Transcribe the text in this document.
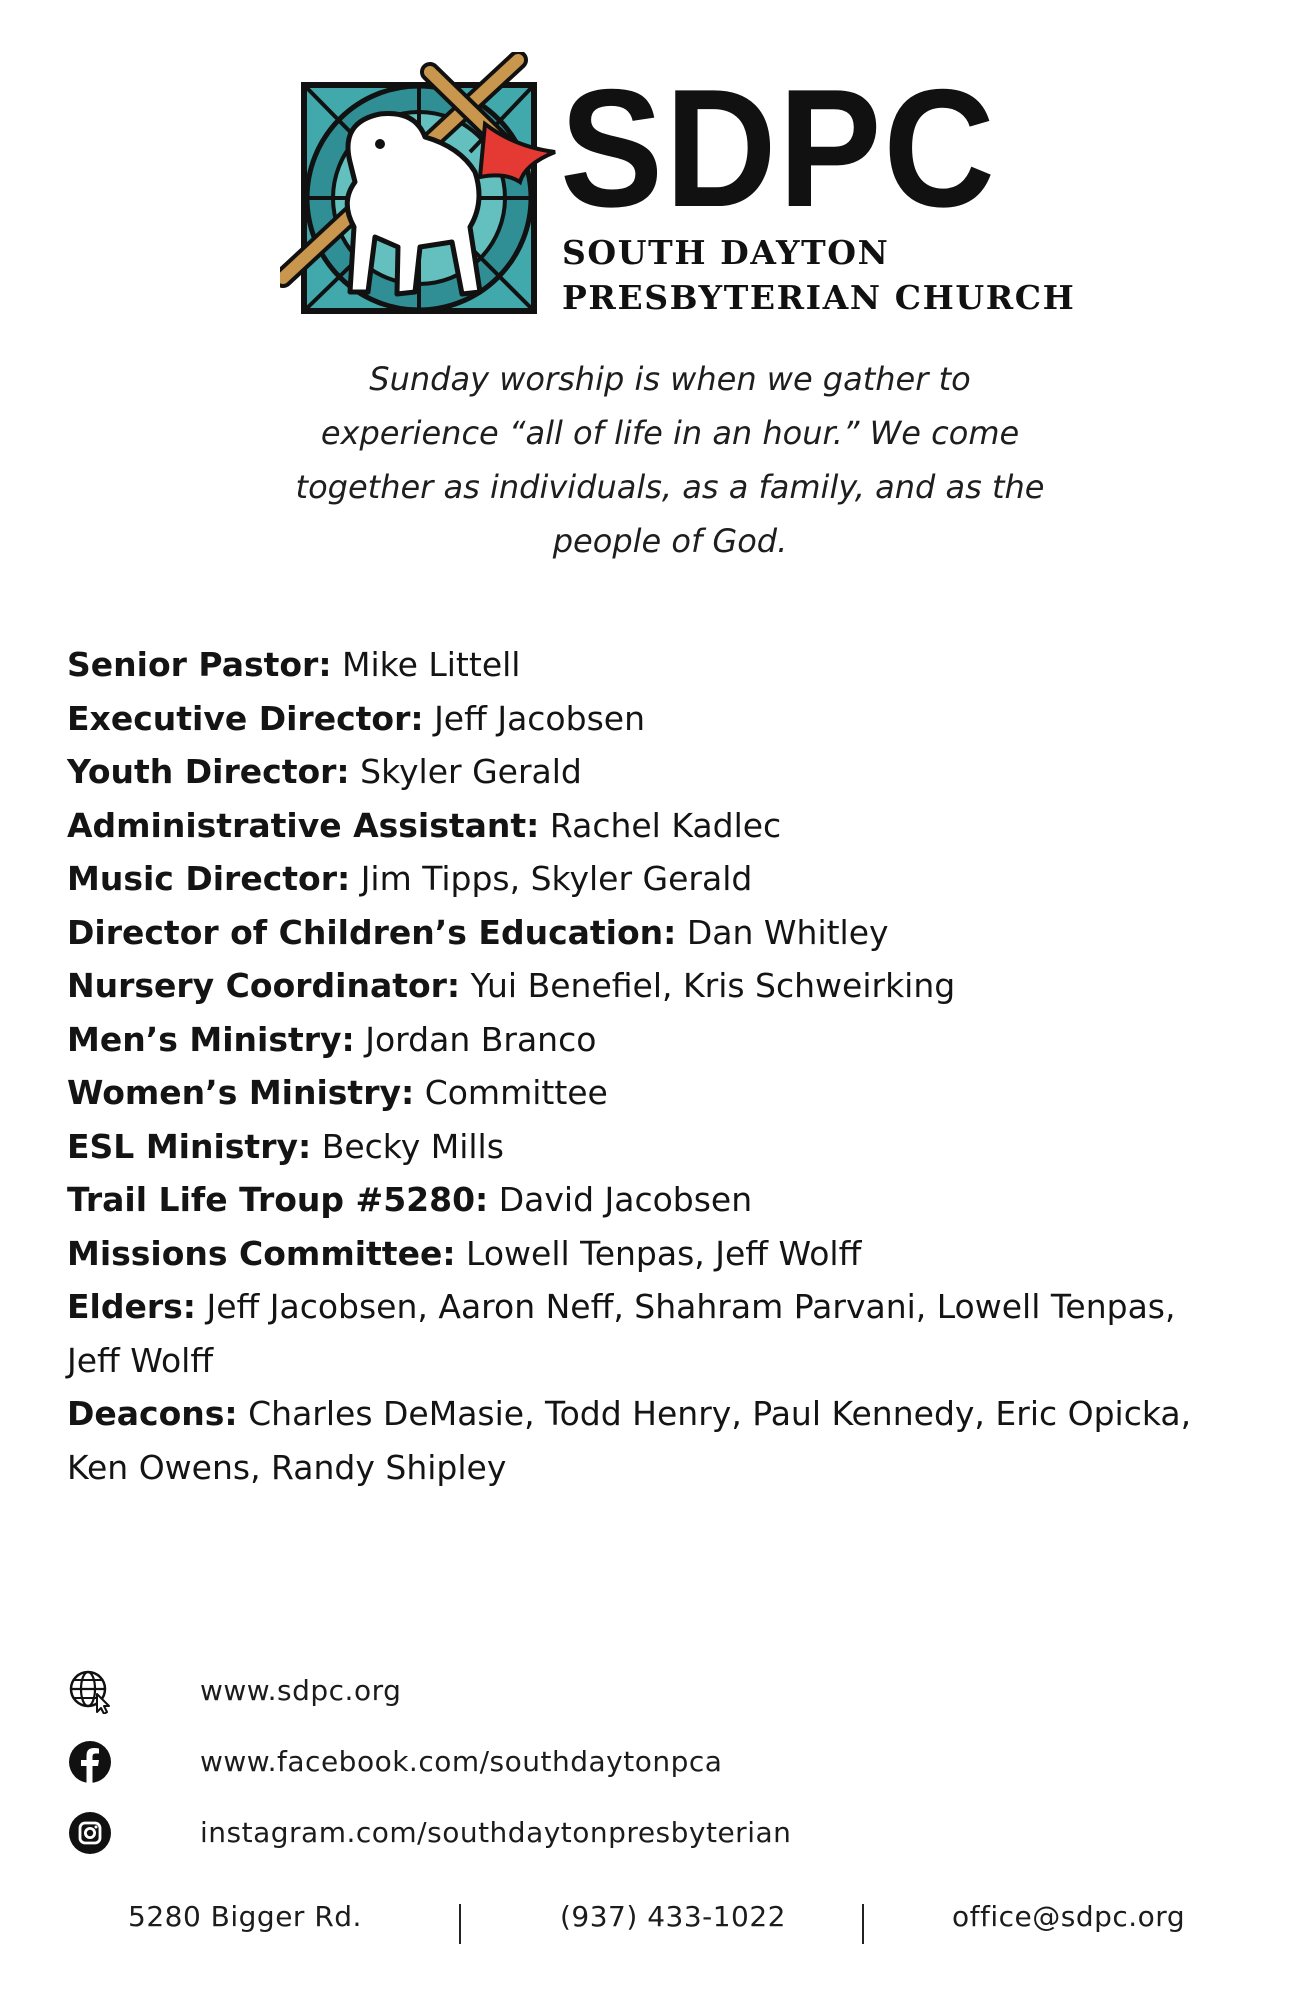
SDPC
SOUTH DAYTON
PRESBYTERIAN CHURCH
Sunday worship is when we gather to
experience “all of life in an hour.” We come
together as individuals, as a family, and as the
people of God.
Senior Pastor: Mike Littell
Executive Director: Jeff Jacobsen
Youth Director: Skyler Gerald
Administrative Assistant: Rachel Kadlec
Music Director: Jim Tipps, Skyler Gerald
Director of Children’s Education: Dan Whitley
Nursery Coordinator: Yui Benefiel, Kris Schweirking
Men’s Ministry: Jordan Branco
Women’s Ministry: Committee
ESL Ministry: Becky Mills
Trail Life Troup #5280: David Jacobsen
Missions Committee: Lowell Tenpas, Jeff Wolff
Elders: Jeff Jacobsen, Aaron Neff, Shahram Parvani, Lowell Tenpas, Jeff Wolff
Deacons: Charles DeMasie, Todd Henry, Paul Kennedy, Eric Opicka, Ken Owens, Randy Shipley
www.sdpc.org
www.facebook.com/southdaytonpca
instagram.com/southdaytonpresbyterian
5280 Bigger Rd.	(937) 433-1022	office@sdpc.org
